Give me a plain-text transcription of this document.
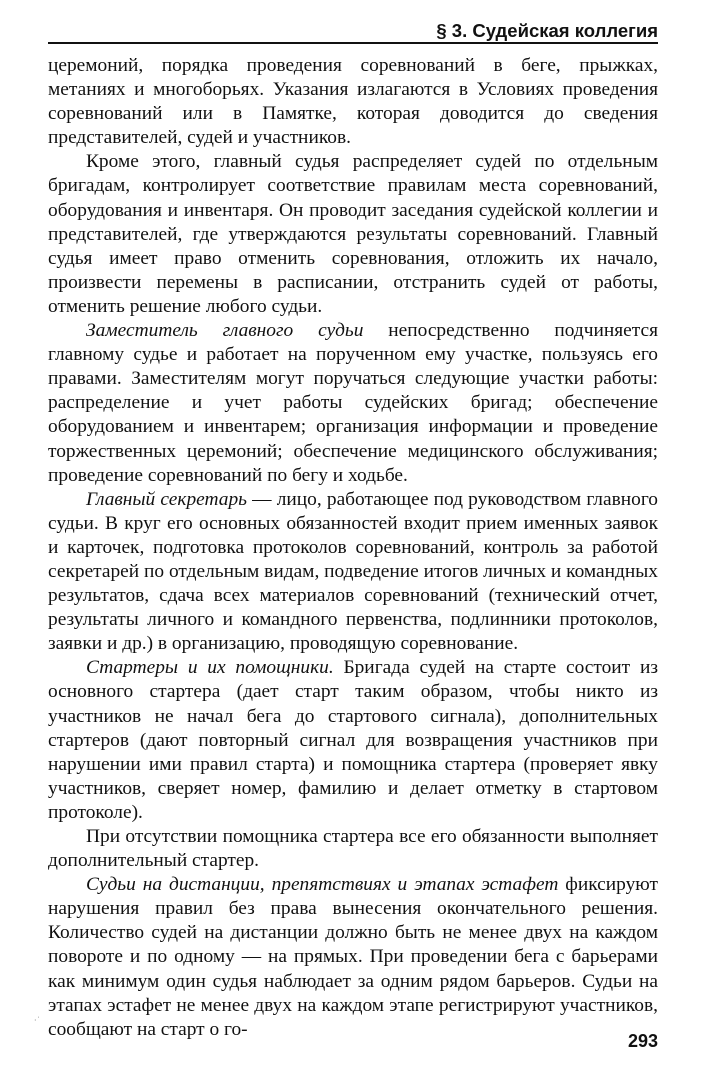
§ 3. Судейская коллегия

церемоний, порядка проведения соревнований в беге, прыжках, метаниях и многоборьях. Указания излагаются в Условиях проведения соревнований или в Памятке, которая доводится до сведения представителей, судей и участников.

Кроме этого, главный судья распределяет судей по отдельным бригадам, контролирует соответствие правилам места соревнований, оборудования и инвентаря. Он проводит заседания судейской коллегии и представителей, где утверждаются результаты соревнований. Главный судья имеет право отменить соревнования, отложить их начало, произвести перемены в расписании, отстранить судей от работы, отменить решение любого судьи.

Заместитель главного судьи непосредственно подчиняется главному судье и работает на порученном ему участке, пользуясь его правами. Заместителям могут поручаться следующие участки работы: распределение и учет работы судейских бригад; обеспечение оборудованием и инвентарем; организация информации и проведение торжественных церемоний; обеспечение медицинского обслуживания; проведение соревнований по бегу и ходьбе.

Главный секретарь — лицо, работающее под руководством главного судьи. В круг его основных обязанностей входит прием именных заявок и карточек, подготовка протоколов соревнований, контроль за работой секретарей по отдельным видам, подведение итогов личных и командных результатов, сдача всех материалов соревнований (технический отчет, результаты личного и командного первенства, подлинники протоколов, заявки и др.) в организацию, проводящую соревнование.

Стартеры и их помощники. Бригада судей на старте состоит из основного стартера (дает старт таким образом, чтобы никто из участников не начал бега до стартового сигнала), дополнительных стартеров (дают повторный сигнал для возвращения участников при нарушении ими правил старта) и помощника стартера (проверяет явку участников, сверяет номер, фамилию и делает отметку в стартовом протоколе).

При отсутствии помощника стартера все его обязанности выполняет дополнительный стартер.

Судьи на дистанции, препятствиях и этапах эстафет фиксируют нарушения правил без права вынесения окончательного решения. Количество судей на дистанции должно быть не менее двух на каждом повороте и по одному — на прямых. При проведении бега с барьерами как минимум один судья наблюдает за одним рядом барьеров. Судьи на этапах эстафет не менее двух на каждом этапе регистрируют участников, сообщают на старт о го-

·˙
293
